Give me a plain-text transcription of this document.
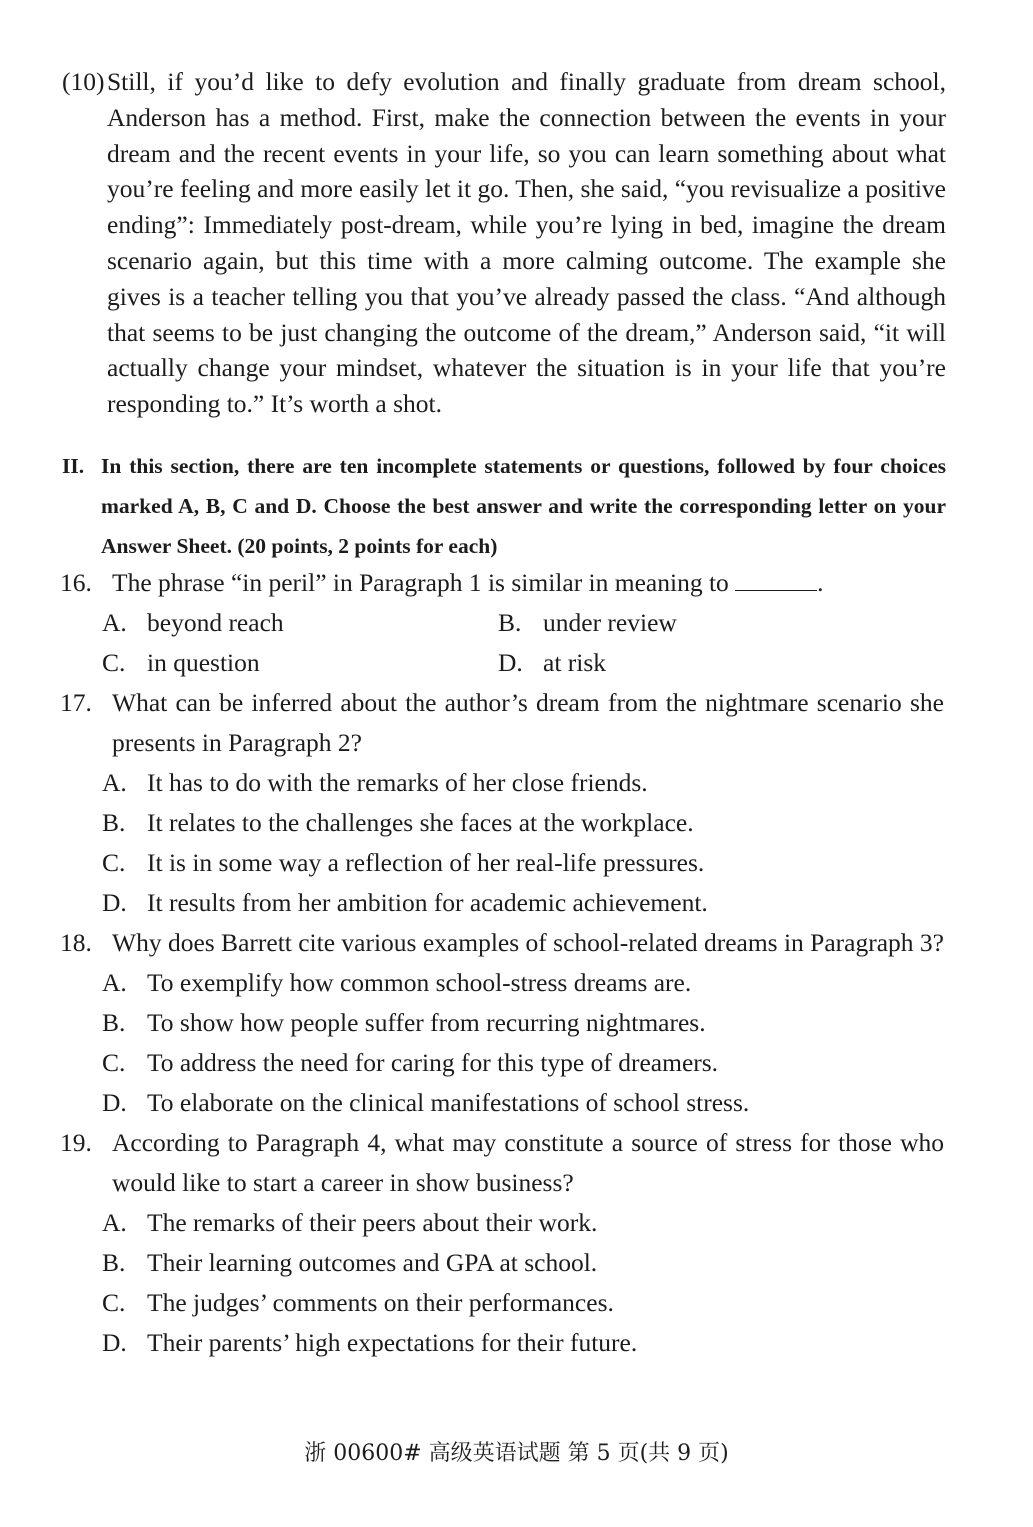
(10) Still, if you’d like to defy evolution and finally graduate from dream school, Anderson has a method. First, make the connection between the events in your dream and the recent events in your life, so you can learn something about what you’re feeling and more easily let it go. Then, she said, “you revisualize a positive ending”: Immediately post-dream, while you’re lying in bed, imagine the dream scenario again, but this time with a more calming outcome. The example she gives is a teacher telling you that you’ve already passed the class. “And although that seems to be just changing the outcome of the dream,” Anderson said, “it will actually change your mindset, whatever the situation is in your life that you’re responding to.” It’s worth a shot.
II. In this section, there are ten incomplete statements or questions, followed by four choices marked A, B, C and D. Choose the best answer and write the corresponding letter on your Answer Sheet. (20 points, 2 points for each)
16. The phrase “in peril” in Paragraph 1 is similar in meaning to	.
A. beyond reach	B. under review
C. in question	D. at risk
17. What can be inferred about the author’s dream from the nightmare scenario she presents in Paragraph 2?
A. It has to do with the remarks of her close friends.
B. It relates to the challenges she faces at the workplace.
C. It is in some way a reflection of her real-life pressures.
D. It results from her ambition for academic achievement.
18. Why does Barrett cite various examples of school-related dreams in Paragraph 3?
A. To exemplify how common school-stress dreams are.
B. To show how people suffer from recurring nightmares.
C. To address the need for caring for this type of dreamers.
D. To elaborate on the clinical manifestations of school stress.
19. According to Paragraph 4, what may constitute a source of stress for those who would like to start a career in show business?
A. The remarks of their peers about their work.
B. Their learning outcomes and GPA at school.
C. The judges’ comments on their performances.
D. Their parents’ high expectations for their future.
浙 00600# 高级英语试题 第 5 页(共 9 页)
